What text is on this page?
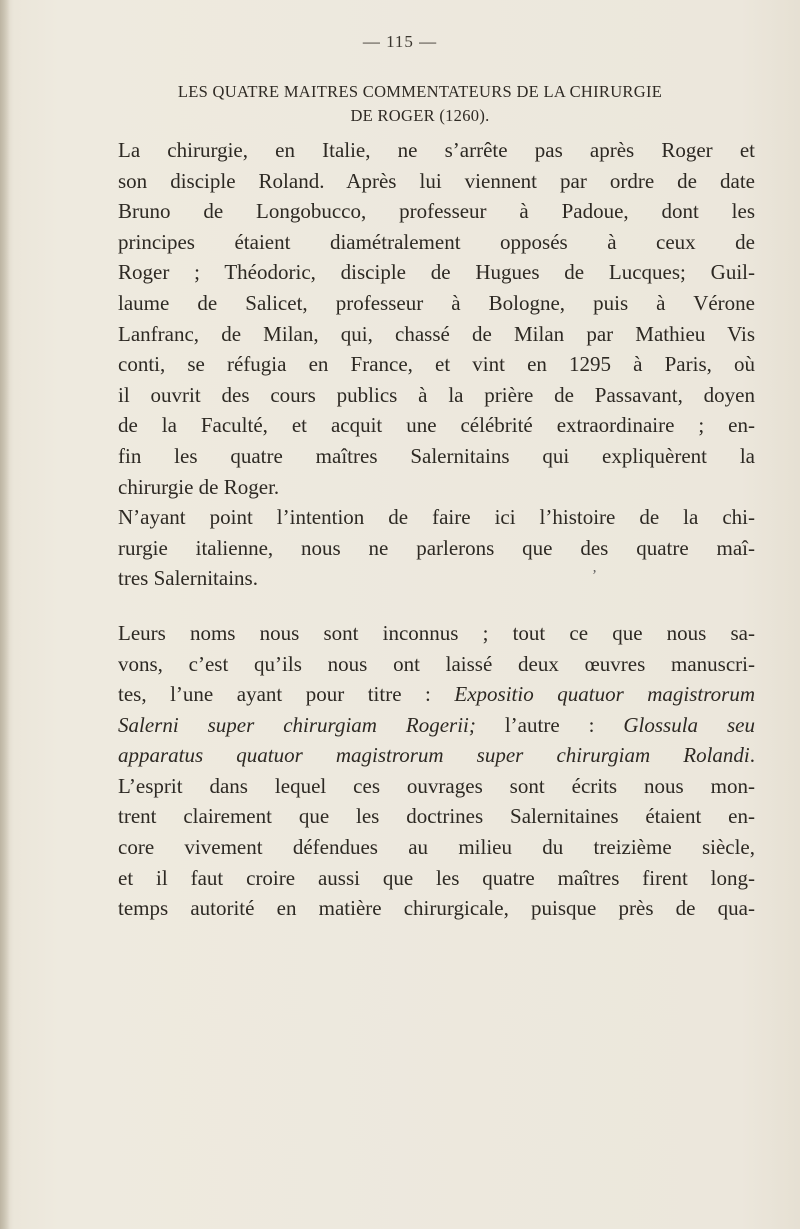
— 115 —
LES QUATRE MAITRES COMMENTATEURS DE LA CHIRURGIE
DE ROGER (1260).

La chirurgie, en Italie, ne s’arrête pas après Roger et
son disciple Roland. Après lui viennent par ordre de date
Bruno de Longobucco, professeur à Padoue, dont les
principes étaient diamétralement opposés à ceux de
Roger ; Théodoric, disciple de Hugues de Lucques; Guil-
laume de Salicet, professeur à Bologne, puis à Vérone
Lanfranc, de Milan, qui, chassé de Milan par Mathieu Vis
conti, se réfugia en France, et vint en 1295 à Paris, où
il ouvrit des cours publics à la prière de Passavant, doyen
de la Faculté, et acquit une célébrité extraordinaire ; en-
fin les quatre maîtres Salernitains qui expliquèrent la
chirurgie de Roger.

N’ayant point l’intention de faire ici l’histoire de la chi-
rurgie italienne, nous ne parlerons que des quatre maî-
tres Salernitains.

Leurs noms nous sont inconnus ; tout ce que nous sa-
vons, c’est qu’ils nous ont laissé deux œuvres manuscri-
tes, l’une ayant pour titre : Expositio quatuor magistrorum
Salerni super chirurgiam Rogerii; l’autre : Glossula seu
apparatus quatuor magistrorum super chirurgiam Rolandi.
L’esprit dans lequel ces ouvrages sont écrits nous mon-
trent clairement que les doctrines Salernitaines étaient en-
core vivement défendues au milieu du treizième siècle,
et il faut croire aussi que les quatre maîtres firent long-
temps autorité en matière chirurgicale, puisque près de qua-

ʼ
